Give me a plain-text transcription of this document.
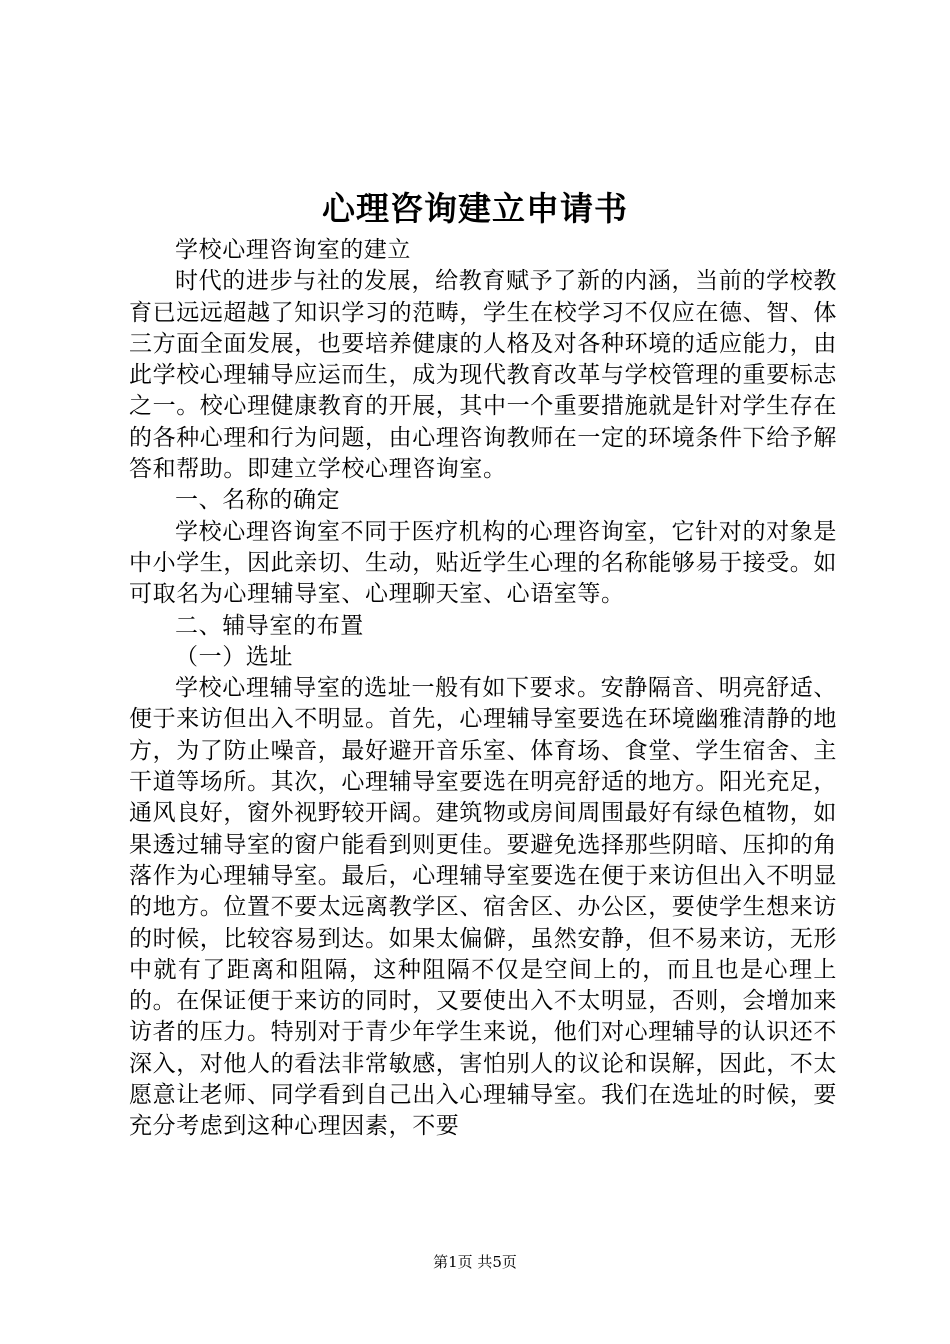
心理咨询建立申请书

学校心理咨询室的建立

时代的进步与社的发展，给教育赋予了新的内涵，当前的学校教育已远远超越了知识学习的范畴，学生在校学习不仅应在德、智、体三方面全面发展，也要培养健康的人格及对各种环境的适应能力，由此学校心理辅导应运而生，成为现代教育改革与学校管理的重要标志之一。校心理健康教育的开展，其中一个重要措施就是针对学生存在的各种心理和行为问题，由心理咨询教师在一定的环境条件下给予解答和帮助。即建立学校心理咨询室。

一、名称的确定

学校心理咨询室不同于医疗机构的心理咨询室，它针对的对象是中小学生，因此亲切、生动，贴近学生心理的名称能够易于接受。如可取名为心理辅导室、心理聊天室、心语室等。

二、辅导室的布置

（一）选址

学校心理辅导室的选址一般有如下要求。安静隔音、明亮舒适、便于来访但出入不明显。首先，心理辅导室要选在环境幽雅清静的地方，为了防止噪音，最好避开音乐室、体育场、食堂、学生宿舍、主干道等场所。其次，心理辅导室要选在明亮舒适的地方。阳光充足，通风良好，窗外视野较开阔。建筑物或房间周围最好有绿色植物，如果透过辅导室的窗户能看到则更佳。要避免选择那些阴暗、压抑的角落作为心理辅导室。最后，心理辅导室要选在便于来访但出入不明显的地方。位置不要太远离教学区、宿舍区、办公区，要使学生想来访的时候，比较容易到达。如果太偏僻，虽然安静，但不易来访，无形中就有了距离和阻隔，这种阻隔不仅是空间上的，而且也是心理上的。在保证便于来访的同时，又要使出入不太明显，否则，会增加来访者的压力。特别对于青少年学生来说，他们对心理辅导的认识还不深入，对他人的看法非常敏感，害怕别人的议论和误解，因此，不太愿意让老师、同学看到自己出入心理辅导室。我们在选址的时候，要充分考虑到这种心理因素，不要

第1页 共5页
